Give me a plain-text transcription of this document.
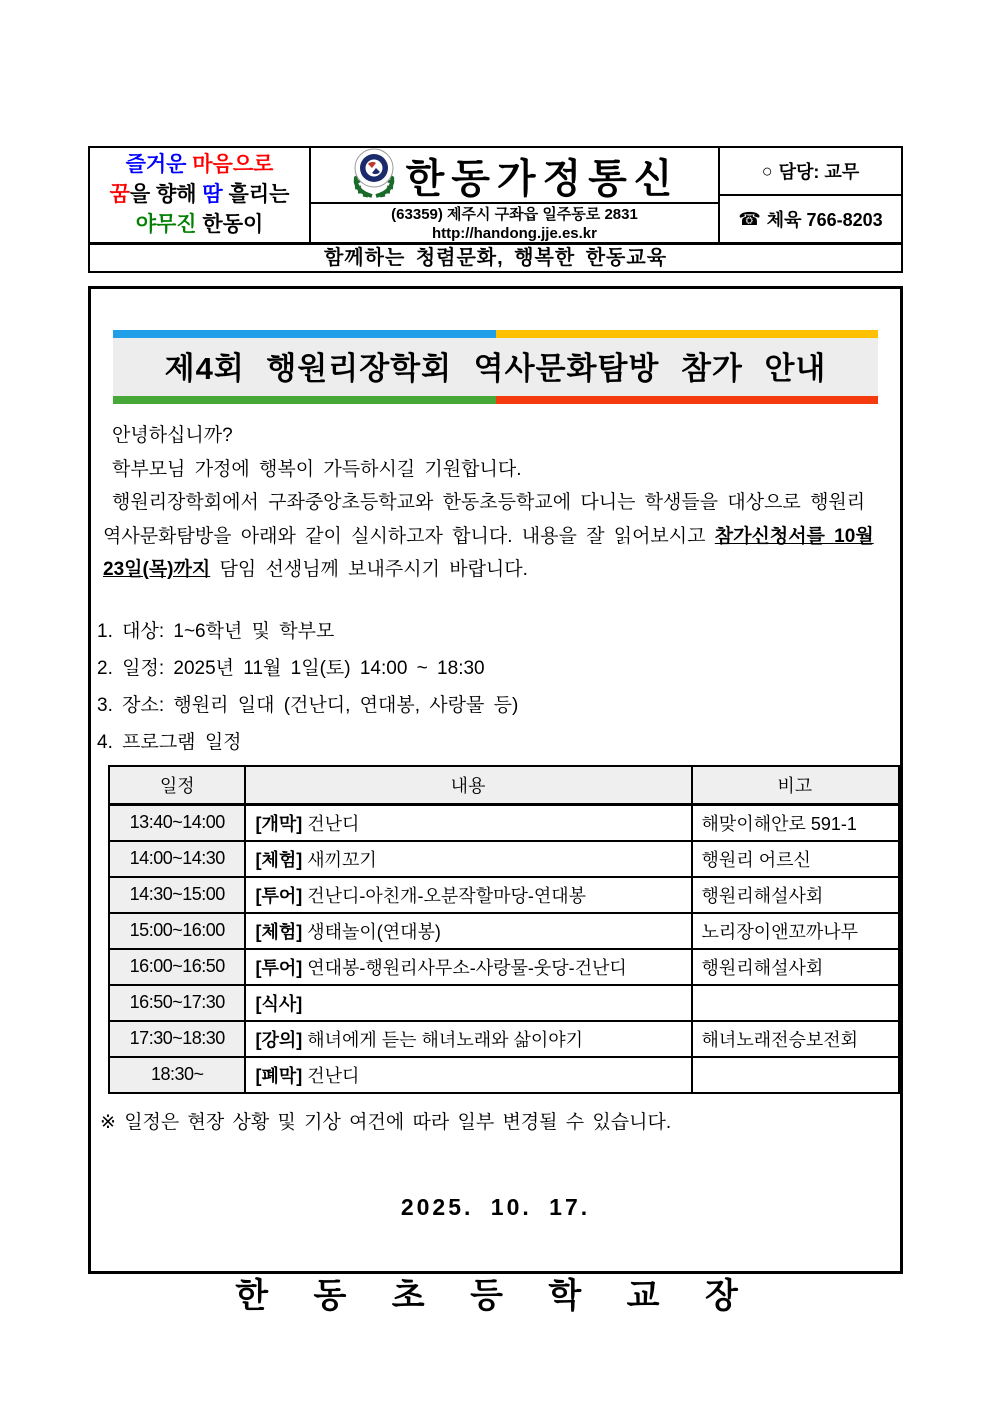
즐거운 마음으로
꿈을 향해 땀 흘리는
야무진 한동이
한동가정통신
(63359) 제주시 구좌읍 일주동로 2831
http://handong.jje.es.kr
○ 담당: 교무
☎ 체육 766-8203
함께하는 청렴문화, 행복한 한동교육
제4회 행원리장학회 역사문화탐방 참가 안내

안녕하십니까?

학부모님 가정에 행복이 가득하시길 기원합니다.

행원리장학회에서 구좌중앙초등학교와 한동초등학교에 다니는 학생들을 대상으로 행원리 역사문화탐방을 아래와 같이 실시하고자 합니다. 내용을 잘 읽어보시고 참가신청서를 10월 23일(목)까지 담임 선생님께 보내주시기 바랍니다.

1. 대상: 1~6학년 및 학부모
2. 일정: 2025년 11월 1일(토) 14:00 ~ 18:30
3. 장소: 행원리 일대 (건난디, 연대봉, 사랑물 등)
4. 프로그램 일정
일정	내용	비고
13:40~14:00	[개막] 건난디	해맞이해안로 591-1
14:00~14:30	[체험] 새끼꼬기	행원리 어르신
14:30~15:00	[투어] 건난디-아친개-오분작할마당-연대봉	행원리해설사회
15:00~16:00	[체험] 생태놀이(연대봉)	노리장이앤꼬까나무
16:00~16:50	[투어] 연대봉-행원리사무소-사랑물-웃당-건난디	행원리해설사회
16:50~17:30	[식사]	
17:30~18:30	[강의] 해녀에게 듣는 해녀노래와 삶이야기	해녀노래전승보전회
18:30~	[폐막] 건난디	
※ 일정은 현장 상황 및 기상 여건에 따라 일부 변경될 수 있습니다.
2025. 10. 17.
한 동 초 등 학 교 장
